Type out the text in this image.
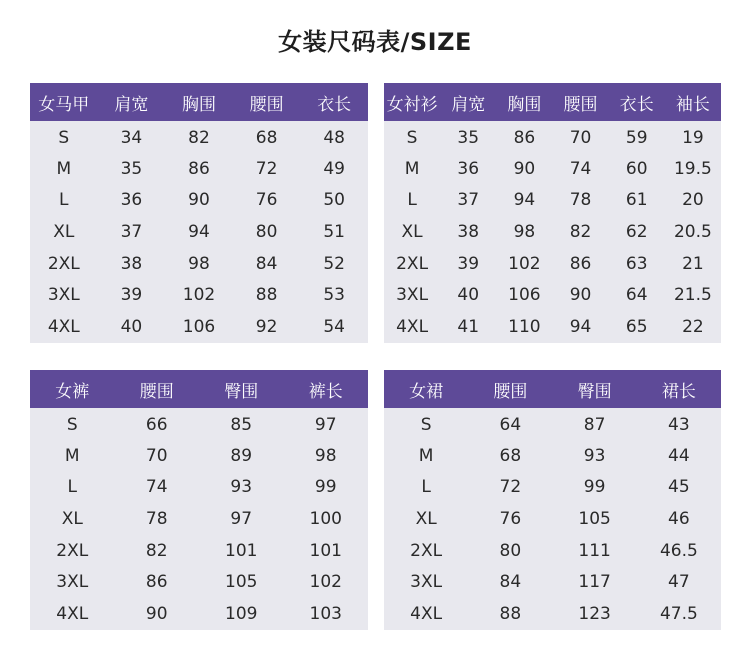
女装尺码表/SIZE
女马甲	肩宽	胸围	腰围	衣长
S	34	82	68	48
M	35	86	72	49
L	36	90	76	50
XL	37	94	80	51
2XL	38	98	84	52
3XL	39	102	88	53
4XL	40	106	92	54
女衬衫	肩宽	胸围	腰围	衣长	袖长
S	35	86	70	59	19
M	36	90	74	60	19.5
L	37	94	78	61	20
XL	38	98	82	62	20.5
2XL	39	102	86	63	21
3XL	40	106	90	64	21.5
4XL	41	110	94	65	22
女裤	腰围	臀围	裤长
S	66	85	97
M	70	89	98
L	74	93	99
XL	78	97	100
2XL	82	101	101
3XL	86	105	102
4XL	90	109	103
女裙	腰围	臀围	裙长
S	64	87	43
M	68	93	44
L	72	99	45
XL	76	105	46
2XL	80	111	46.5
3XL	84	117	47
4XL	88	123	47.5
